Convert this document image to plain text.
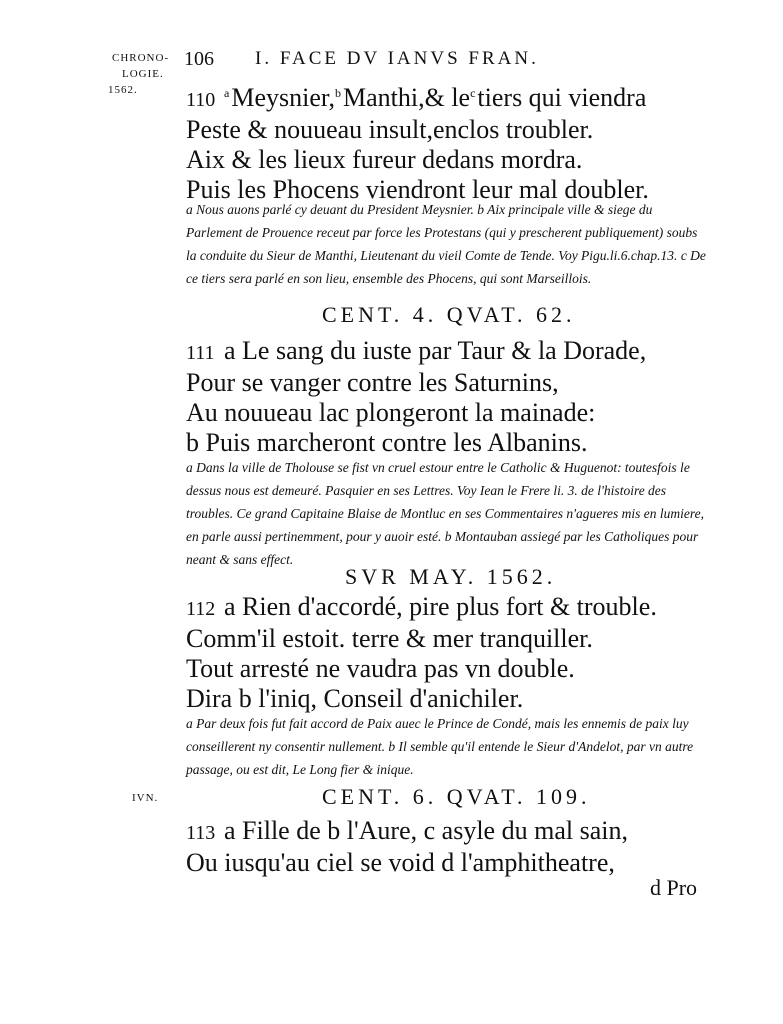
CHRONO-
LOGIE.
1562.
IVN.
106 I. FACE DV IANVS FRAN.
110 $^a$Meysnier,$^b$Manthi,& $le^ctiers$ qui viendra
Peste & nouueau insult,enclos troubler.
Aix & les lieux fureur dedans mordra.
Puis les Phocens viendront leur mal doubler.
a Nous auons parlé cy deuant du President Meysnier. b Aix principale ville & siege du Parlement de Prouence receut par force les Protestans (qui y prescherent publiquement) soubs la conduite du Sieur de Manthi, Lieutenant du vieil Comte de Tende. Voy Pigu.li.6.chap.13. c De ce tiers sera parlé en son lieu, ensemble des Phocens, qui sont Marseillois.
CENT. 4. QVAT. 62.
111 a Le sang du iuste par Taur & la Dorade,
Pour se vanger contre les Saturnins,
Au nouueau lac plongeront la mainade:
b Puis marcheront contre les Albanins.
a Dans la ville de Tholouse se fist vn cruel estour entre le Catholic & Huguenot: toutesfois le dessus nous est demeuré. Pasquier en ses Lettres. Voy Iean le Frere li. 3. de l'histoire des troubles. Ce grand Capitaine Blaise de Montluc en ses Commentaires n'agueres mis en lumiere, en parle aussi pertinemment, pour y auoir esté. b Montauban assiegé par les Catholiques pour neant & sans effect.
SVR MAY. 1562.
112 a Rien d'accordé, pire plus fort & trouble.
Comm'il estoit. terre & mer tranquiller.
Tout arresté ne vaudra pas vn double.
Dira b l'iniq, Conseil d'anichiler.
a Par deux fois fut fait accord de Paix auec le Prince de Condé, mais les ennemis de paix luy conseillerent ny consentir nullement. b Il semble qu'il entende le Sieur d'Andelot, par vn autre passage, ou est dit, Le Long fier & inique.
CENT. 6. QVAT. 109.
113 a Fille de b l'Aure, c asyle du mal sain,
Ou iusqu'au ciel se void d l'amphitheatre,
d Pro
